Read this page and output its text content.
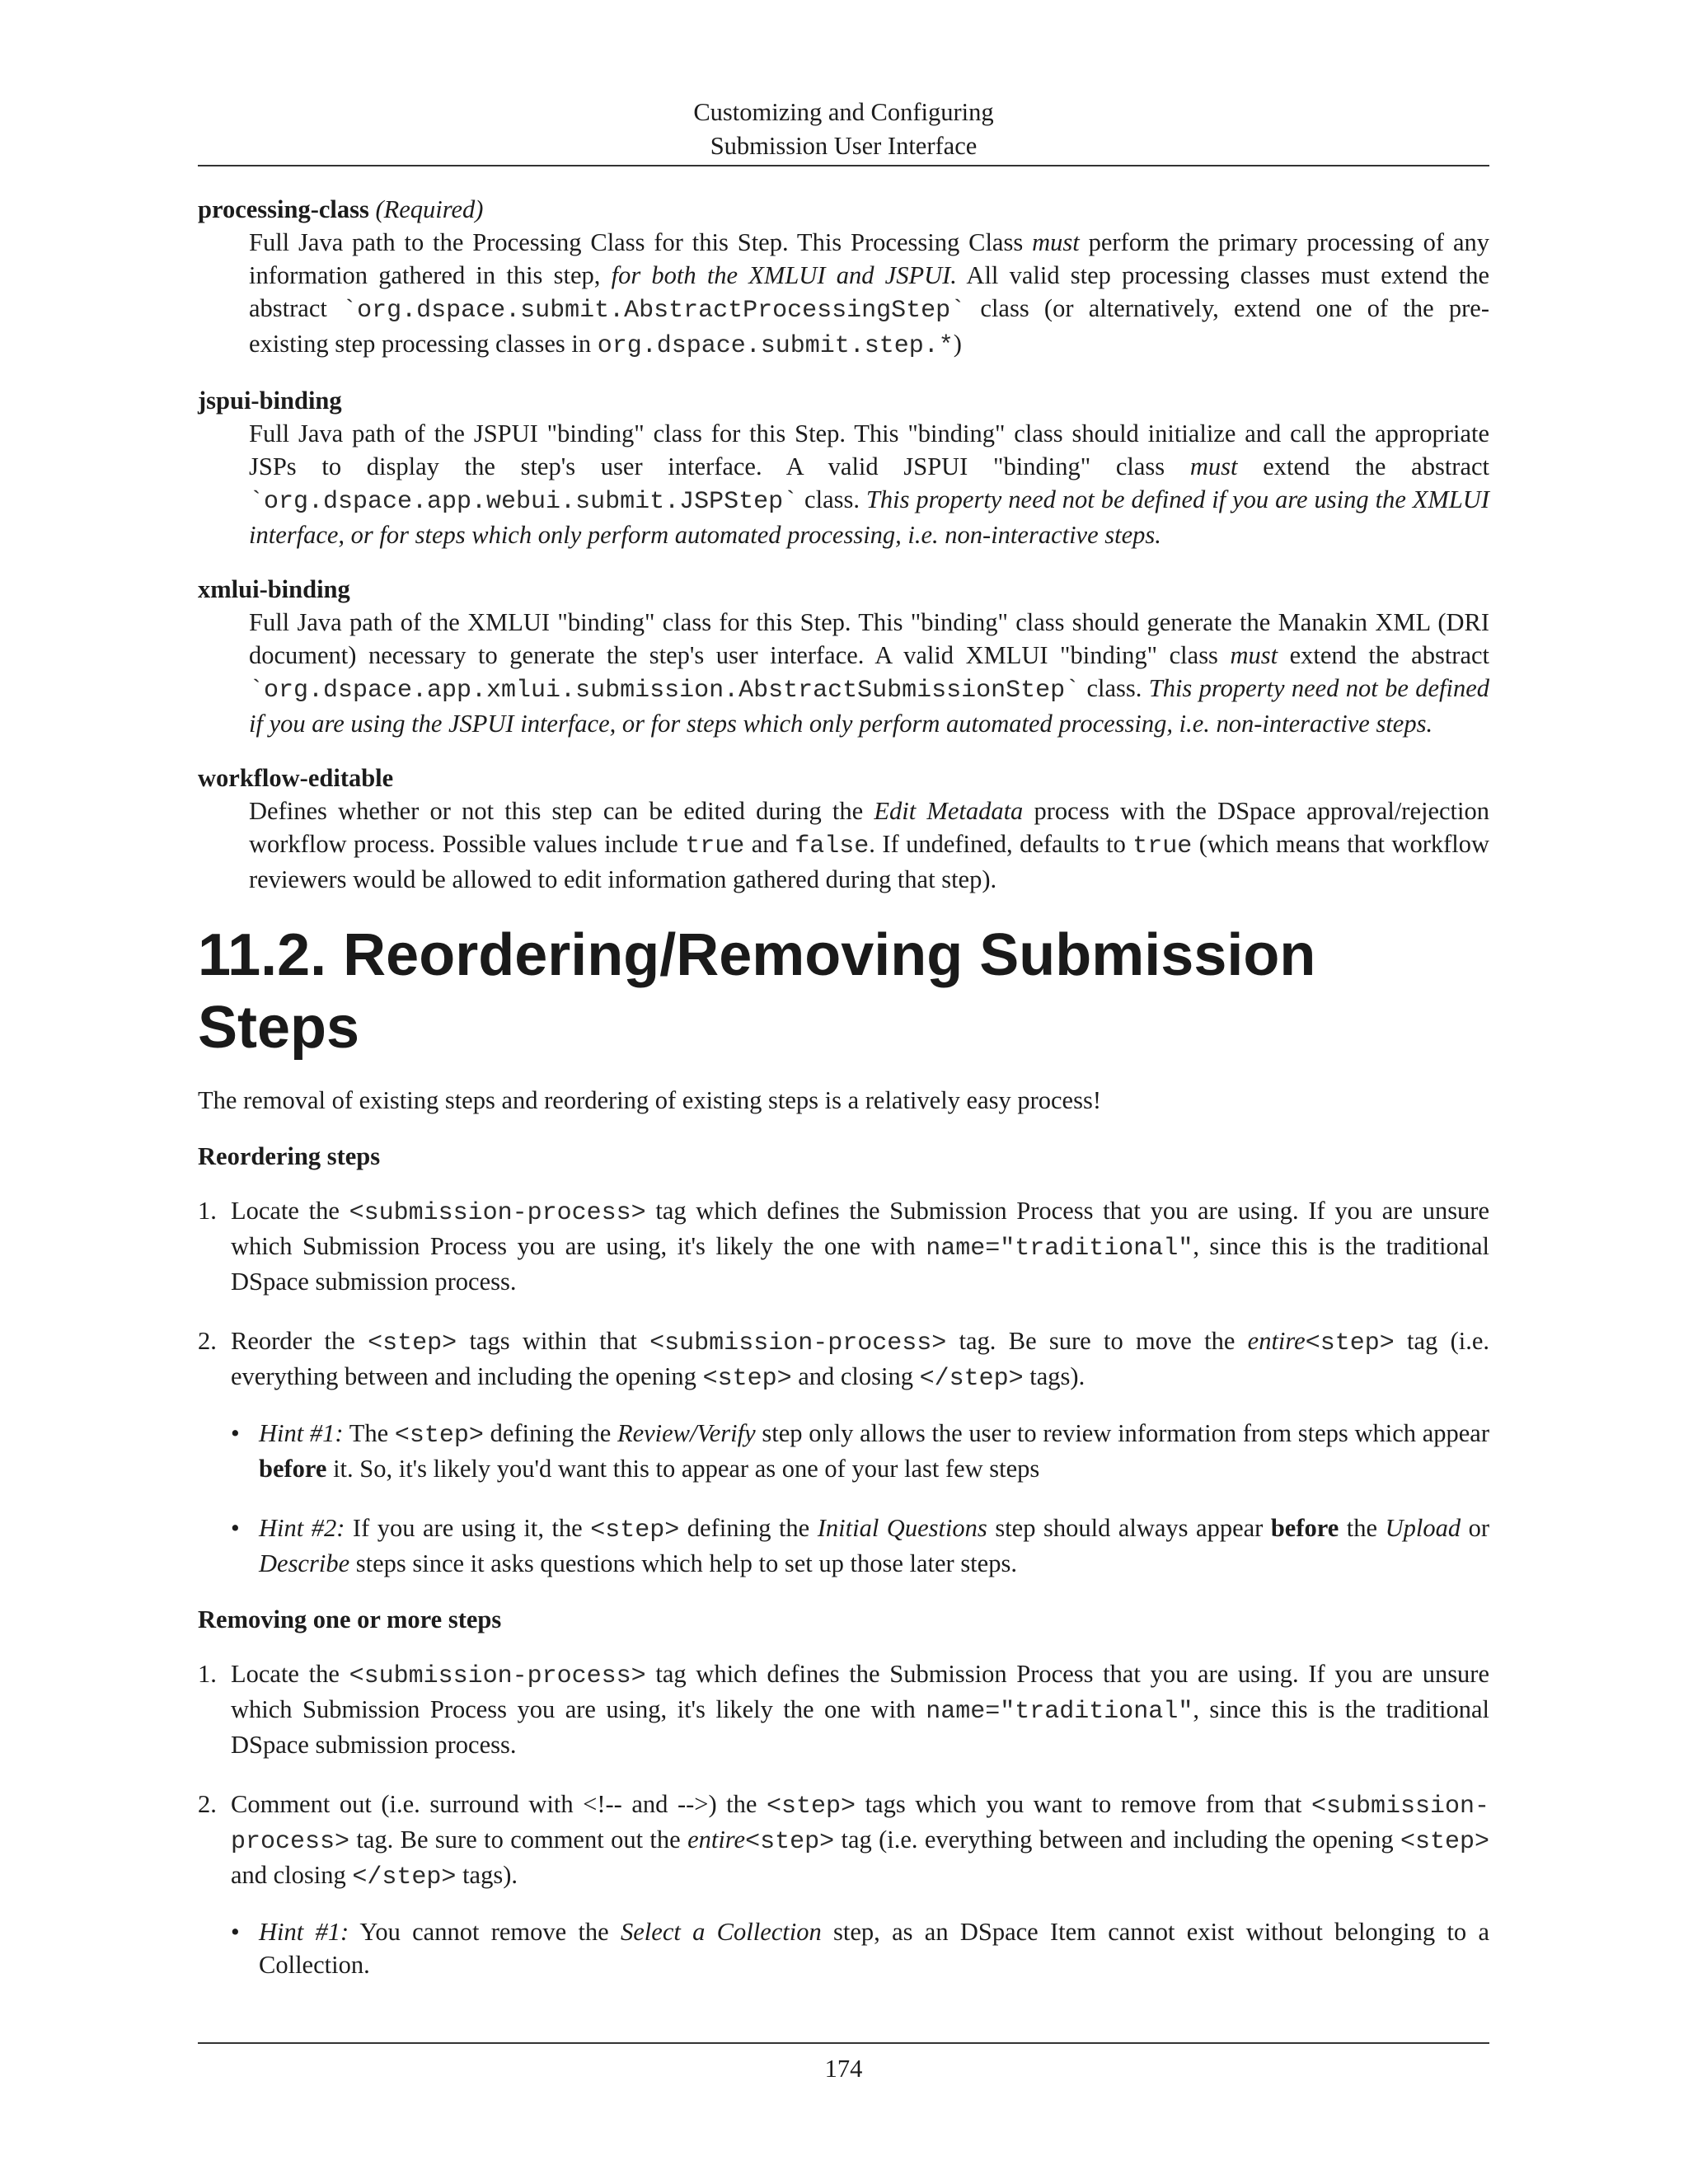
Customizing and Configuring
Submission User Interface

processing-class (Required)

Full Java path to the Processing Class for this Step. This Processing Class must perform the primary processing of any information gathered in this step, for both the XMLUI and JSPUI. All valid step processing classes must extend the abstract `org.dspace.submit.AbstractProcessingStep` class (or alternatively, extend one of the pre-existing step processing classes in org.dspace.submit.step.*)

jspui-binding

Full Java path of the JSPUI "binding" class for this Step. This "binding" class should initialize and call the appropriate JSPs to display the step's user interface. A valid JSPUI "binding" class must extend the abstract `org.dspace.app.webui.submit.JSPStep` class. This property need not be defined if you are using the XMLUI interface, or for steps which only perform automated processing, i.e. non-interactive steps.

xmlui-binding

Full Java path of the XMLUI "binding" class for this Step. This "binding" class should generate the Manakin XML (DRI document) necessary to generate the step's user interface. A valid XMLUI "binding" class must extend the abstract `org.dspace.app.xmlui.submission.AbstractSubmissionStep` class. This property need not be defined if you are using the JSPUI interface, or for steps which only perform automated processing, i.e. non-interactive steps.

workflow-editable

Defines whether or not this step can be edited during the Edit Metadata process with the DSpace approval/rejection workflow process. Possible values include true and false. If undefined, defaults to true (which means that workflow reviewers would be allowed to edit information gathered during that step).

11.2. Reordering/Removing Submission Steps

The removal of existing steps and reordering of existing steps is a relatively easy process!

Reordering steps

1. Locate the <submission-process> tag which defines the Submission Process that you are using. If you are unsure which Submission Process you are using, it's likely the one with name="traditional", since this is the traditional DSpace submission process.
2. Reorder the <step> tags within that <submission-process> tag. Be sure to move the entire<step> tag (i.e. everything between and including the opening <step> and closing </step> tags).
• Hint #1: The <step> defining the Review/Verify step only allows the user to review information from steps which appear before it. So, it's likely you'd want this to appear as one of your last few steps
• Hint #2: If you are using it, the <step> defining the Initial Questions step should always appear before the Upload or Describe steps since it asks questions which help to set up those later steps.

Removing one or more steps

1. Locate the <submission-process> tag which defines the Submission Process that you are using. If you are unsure which Submission Process you are using, it's likely the one with name="traditional", since this is the traditional DSpace submission process.
2. Comment out (i.e. surround with <!-- and -->) the <step> tags which you want to remove from that <submission-process> tag. Be sure to comment out the entire<step> tag (i.e. everything between and including the opening <step> and closing </step> tags).
• Hint #1: You cannot remove the Select a Collection step, as an DSpace Item cannot exist without belonging to a Collection.
174
